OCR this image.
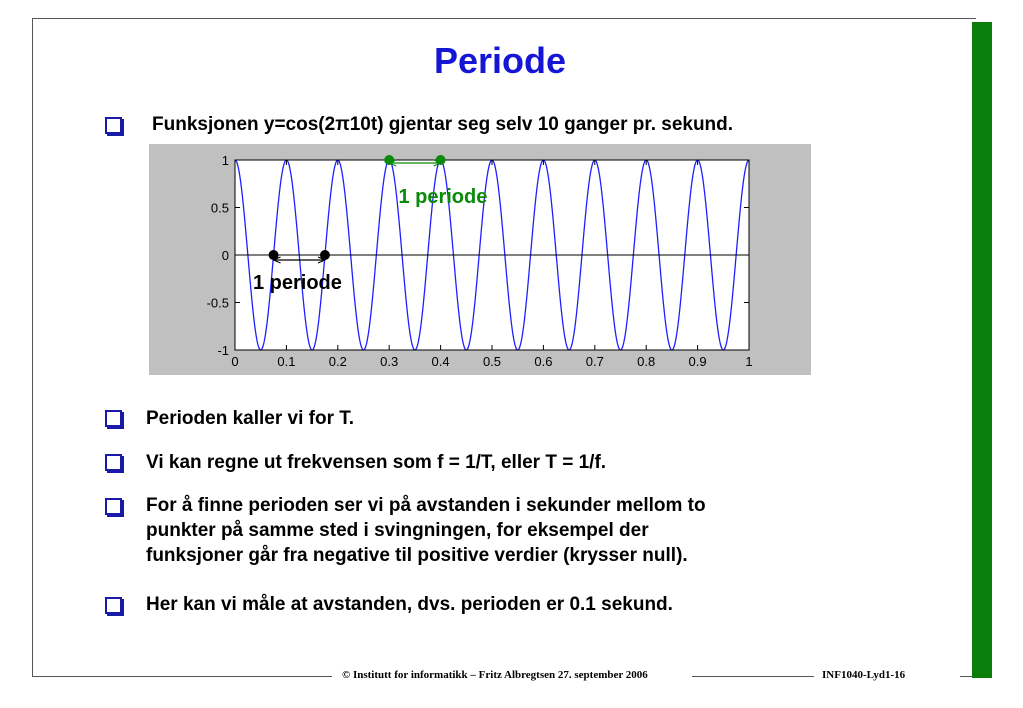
Periode
Funksjonen y=cos(2π10t) gjentar seg selv 10 ganger pr. sekund.
0	0.1	0.2	0.3	0.4	0.5	0.6	0.7	0.8	0.9	1
1
0.5
0
-0.5
-1
1 periode
1 periode
Perioden kaller vi for T.
Vi kan regne ut frekvensen som f = 1/T, eller T = 1/f.
For å finne perioden ser vi på avstanden i sekunder mellom to
punkter på samme sted i svingningen, for eksempel der
funksjoner går fra negative til positive verdier (krysser null).
Her kan vi måle at avstanden, dvs. perioden er 0.1 sekund.
© Institutt for informatikk – Fritz Albregtsen 27. september 2006	INF1040-Lyd1-16
